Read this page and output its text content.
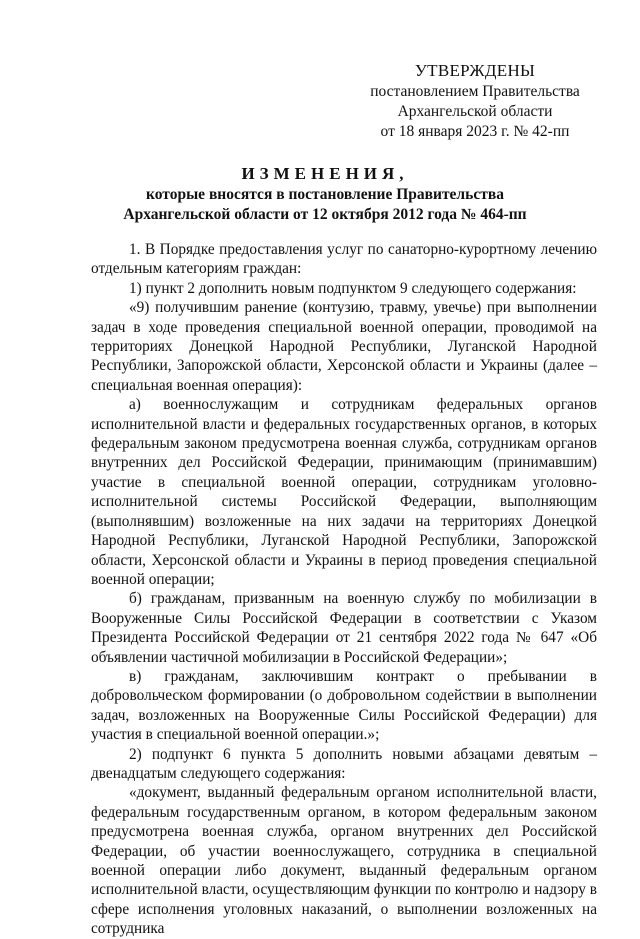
УТВЕРЖДЕНЫ
постановлением Правительства
Архангельской области
от 18 января 2023 г. № 42-пп
ИЗМЕНЕНИЯ,
которые вносятся в постановление Правительства
Архангельской области от 12 октября 2012 года № 464-пп

1. В Порядке предоставления услуг по санаторно-курортному лечению отдельным категориям граждан:

1) пункт 2 дополнить новым подпунктом 9 следующего содержания:

«9) получившим ранение (контузию, травму, увечье) при выполнении задач в ходе проведения специальной военной операции, проводимой на территориях Донецкой Народной Республики, Луганской Народной Республики, Запорожской области, Херсонской области и Украины (далее – специальная военная операция):

а) военнослужащим и сотрудникам федеральных органов исполнительной власти и федеральных государственных органов, в которых федеральным законом предусмотрена военная служба, сотрудникам органов внутренних дел Российской Федерации, принимающим (принимавшим) участие в специальной военной операции, сотрудникам уголовно-исполнительной системы Российской Федерации, выполняющим (выполнявшим) возложенные на них задачи на территориях Донецкой Народной Республики, Луганской Народной Республики, Запорожской области, Херсонской области и Украины в период проведения специальной военной операции;

б) гражданам, призванным на военную службу по мобилизации в Вооруженные Силы Российской Федерации в соответствии с Указом Президента Российской Федерации от 21 сентября 2022 года № 647 «Об объявлении частичной мобилизации в Российской Федерации»;

в) гражданам, заключившим контракт о пребывании в добровольческом формировании (о добровольном содействии в выполнении задач, возложенных на Вооруженные Силы Российской Федерации) для участия в специальной военной операции.»;

2) подпункт 6 пункта 5 дополнить новыми абзацами девятым – двенадцатым следующего содержания:

«документ, выданный федеральным органом исполнительной власти, федеральным государственным органом, в котором федеральным законом предусмотрена военная служба, органом внутренних дел Российской Федерации, об участии военнослужащего, сотрудника в специальной военной операции либо документ, выданный федеральным органом исполнительной власти, осуществляющим функции по контролю и надзору в сфере исполнения уголовных наказаний, о выполнении возложенных на сотрудника
